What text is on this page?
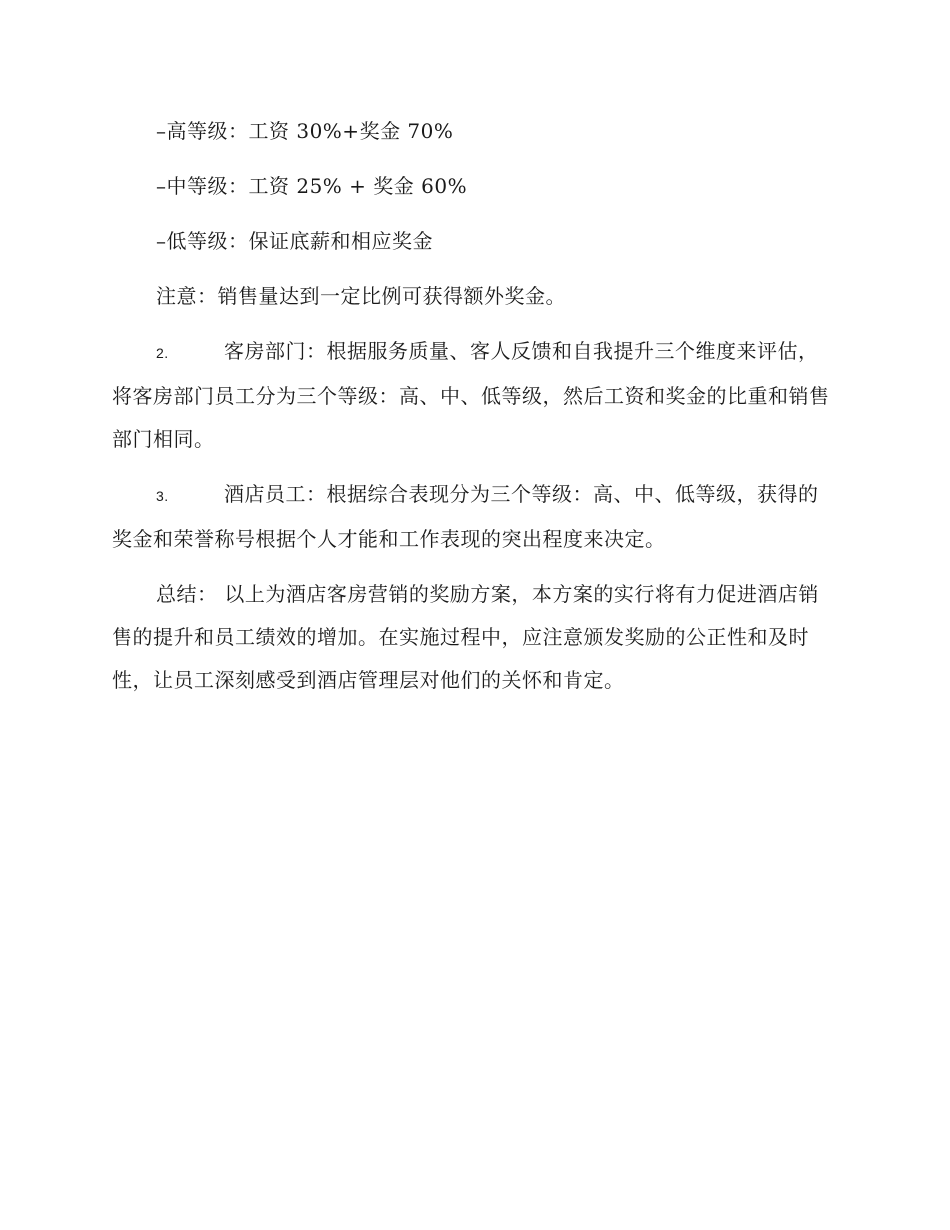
–高等级：工资 30%+奖金 70%

–中等级：工资 25% + 奖金 60%

–低等级：保证底薪和相应奖金

注意：销售量达到一定比例可获得额外奖金。

2.	客房部门：根据服务质量、客人反馈和自我提升三个维度来评估，将客房部门员工分为三个等级：高、中、低等级，然后工资和奖金的比重和销售部门相同。

3.	酒店员工：根据综合表现分为三个等级：高、中、低等级，获得的奖金和荣誉称号根据个人才能和工作表现的突出程度来决定。

总结： 以上为酒店客房营销的奖励方案，本方案的实行将有力促进酒店销售的提升和员工绩效的增加。在实施过程中，应注意颁发奖励的公正性和及时性，让员工深刻感受到酒店管理层对他们的关怀和肯定。
